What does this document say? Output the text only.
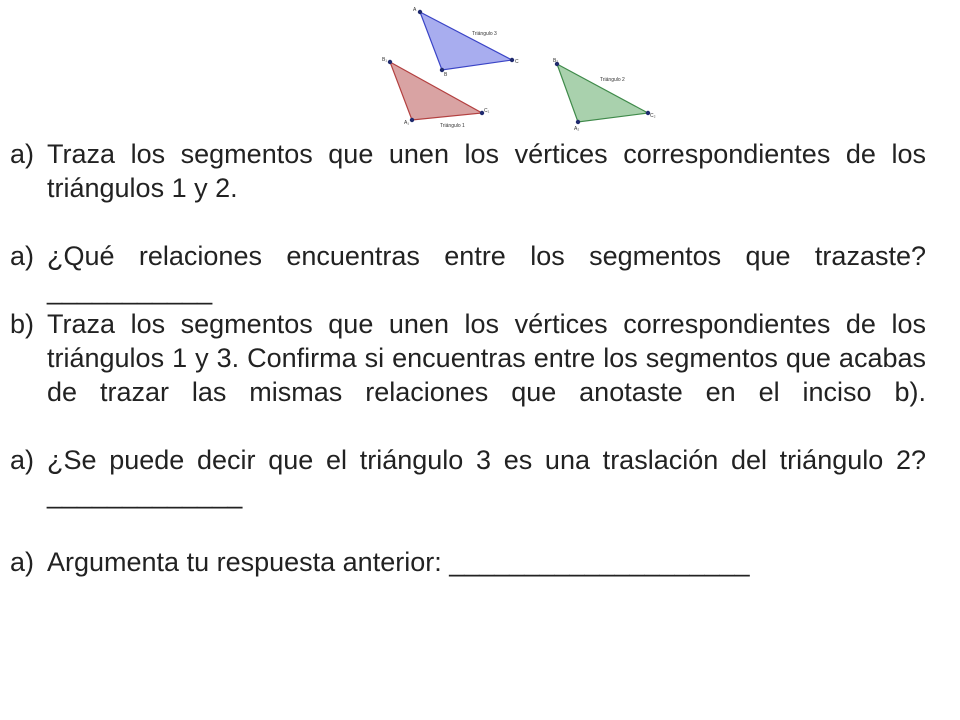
A
C
B
Triángulo 3
B₁
C₁
A₁	Triángulo 1
B₂
C₂
A₂
Triángulo 2
a) Traza los segmentos que unen los vértices correspondientes de los triángulos 1 y 2.
a) ¿Qué relaciones encuentras entre los segmentos que trazaste?___________
b) Traza los segmentos que unen los vértices correspondientes de los triángulos 1 y 3. Confirma si encuentras entre los segmentos que acabas de trazar las mismas relaciones que anotaste en el inciso b).
a) ¿Se puede decir que el triángulo 3 es una traslación del triángulo 2? _____________
a) Argumenta tu respuesta anterior: ____________________
